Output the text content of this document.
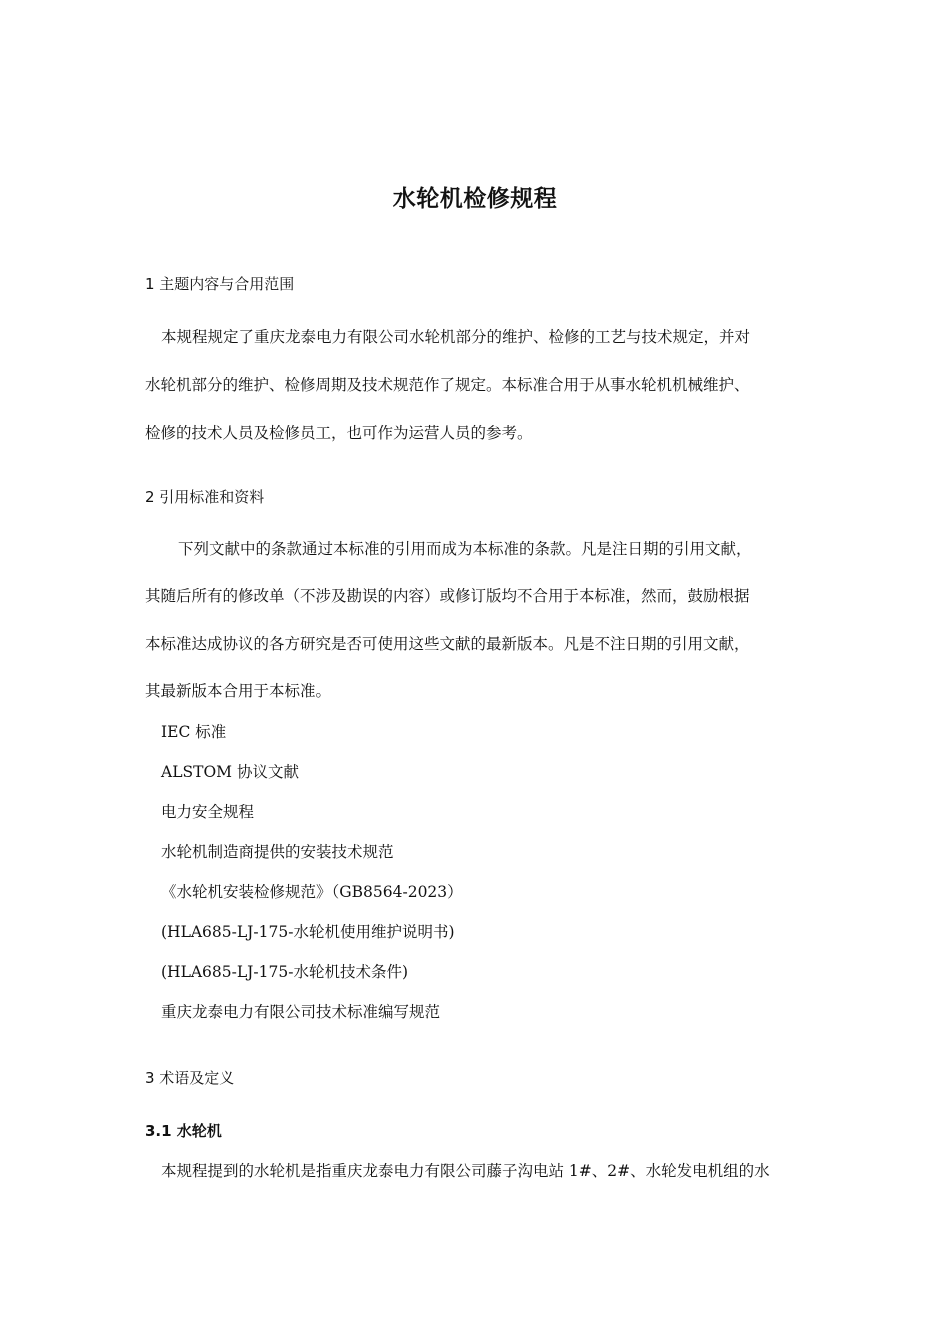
水轮机检修规程
1 主题内容与合用范围
本规程规定了重庆龙泰电力有限公司水轮机部分的维护、检修的工艺与技术规定，并对
水轮机部分的维护、检修周期及技术规范作了规定。本标准合用于从事水轮机机械维护、
检修的技术人员及检修员工，也可作为运营人员的参考。
2 引用标准和资料
下列文献中的条款通过本标准的引用而成为本标准的条款。凡是注日期的引用文献，
其随后所有的修改单（不涉及勘误的内容）或修订版均不合用于本标准，然而，鼓励根据
本标准达成协议的各方研究是否可使用这些文献的最新版本。凡是不注日期的引用文献，
其最新版本合用于本标准。
IEC 标准
ALSTOM 协议文献
电力安全规程
水轮机制造商提供的安装技术规范
《水轮机安装检修规范》（GB8564-2023）
(HLA685-LJ-175-水轮机使用维护说明书)
(HLA685-LJ-175-水轮机技术条件)
重庆龙泰电力有限公司技术标准编写规范
3 术语及定义
3.1 水轮机
本规程提到的水轮机是指重庆龙泰电力有限公司藤子沟电站 1#、2#、水轮发电机组的水
